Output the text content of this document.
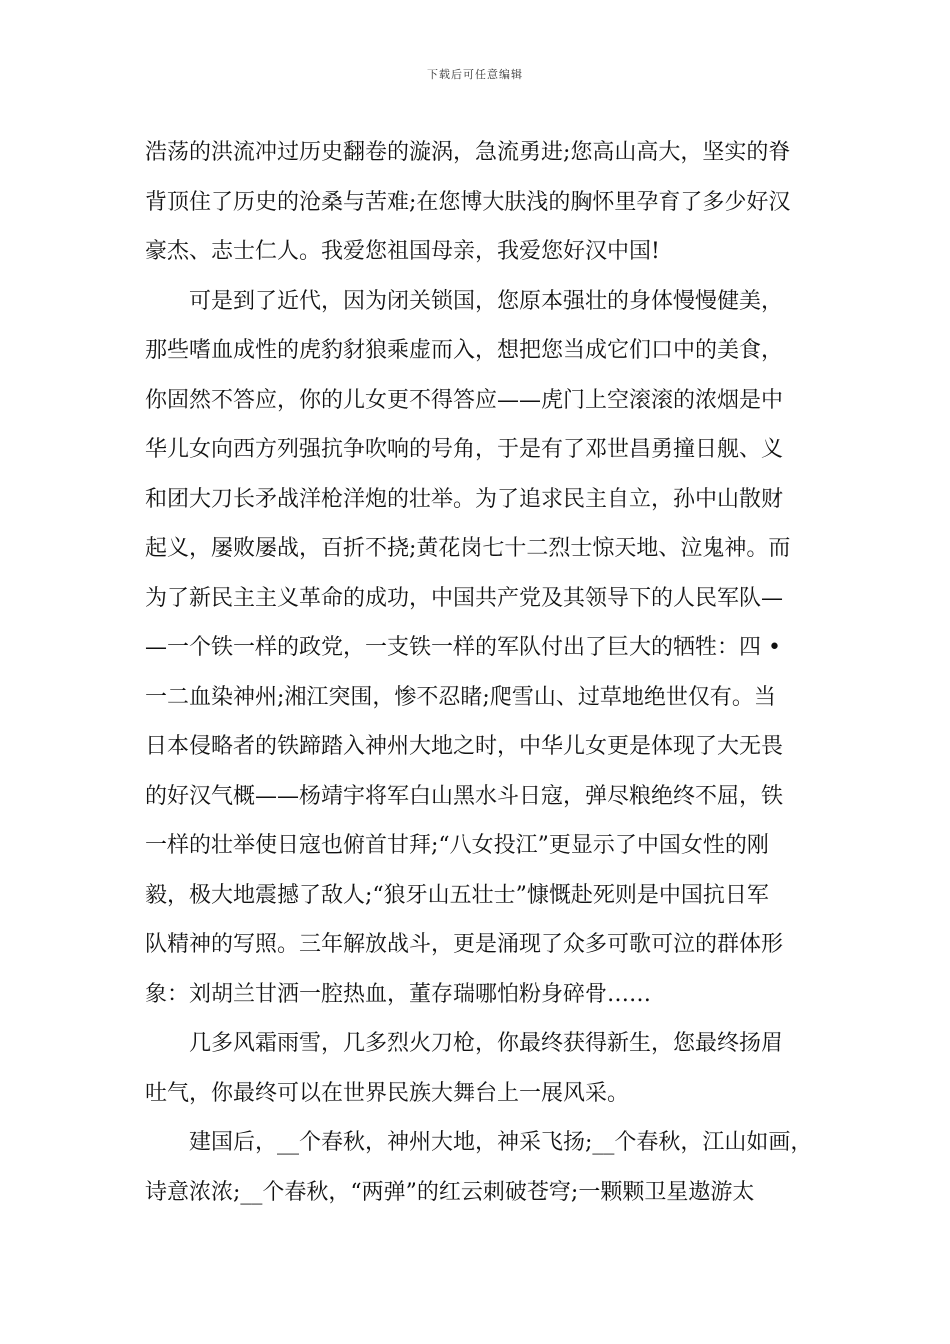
下载后可任意编辑
浩荡的洪流冲过历史翻卷的漩涡，急流勇进;您高山高大，坚实的脊
背顶住了历史的沧桑与苦难;在您博大肤浅的胸怀里孕育了多少好汉
豪杰、志士仁人。我爱您祖国母亲，我爱您好汉中国!
　　可是到了近代，因为闭关锁国，您原本强壮的身体慢慢健美，
那些嗜血成性的虎豹豺狼乘虚而入，想把您当成它们口中的美食，
你固然不答应，你的儿女更不得答应——虎门上空滚滚的浓烟是中
华儿女向西方列强抗争吹响的号角，于是有了邓世昌勇撞日舰、义
和团大刀长矛战洋枪洋炮的壮举。为了追求民主自立，孙中山散财
起义，屡败屡战，百折不挠;黄花岗七十二烈士惊天地、泣鬼神。而
为了新民主主义革命的成功，中国共产党及其领导下的人民军队—
—一个铁一样的政党，一支铁一样的军队付出了巨大的牺牲：四 •
一二血染神州;湘江突围，惨不忍睹;爬雪山、过草地绝世仅有。当
日本侵略者的铁蹄踏入神州大地之时，中华儿女更是体现了大无畏
的好汉气概——杨靖宇将军白山黑水斗日寇，弹尽粮绝终不屈，铁
一样的壮举使日寇也俯首甘拜;“八女投江”更显示了中国女性的刚
毅，极大地震撼了敌人;“狼牙山五壮士”慷慨赴死则是中国抗日军
队精神的写照。三年解放战斗，更是涌现了众多可歌可泣的群体形
象：刘胡兰甘洒一腔热血，董存瑞哪怕粉身碎骨……
　　几多风霜雨雪，几多烈火刀枪，你最终获得新生，您最终扬眉
吐气，你最终可以在世界民族大舞台上一展风采。
　　建国后，__个春秋，神州大地，神采飞扬;__个春秋，江山如画，
诗意浓浓;__个春秋，“两弹”的红云刺破苍穹;一颗颗卫星遨游太
